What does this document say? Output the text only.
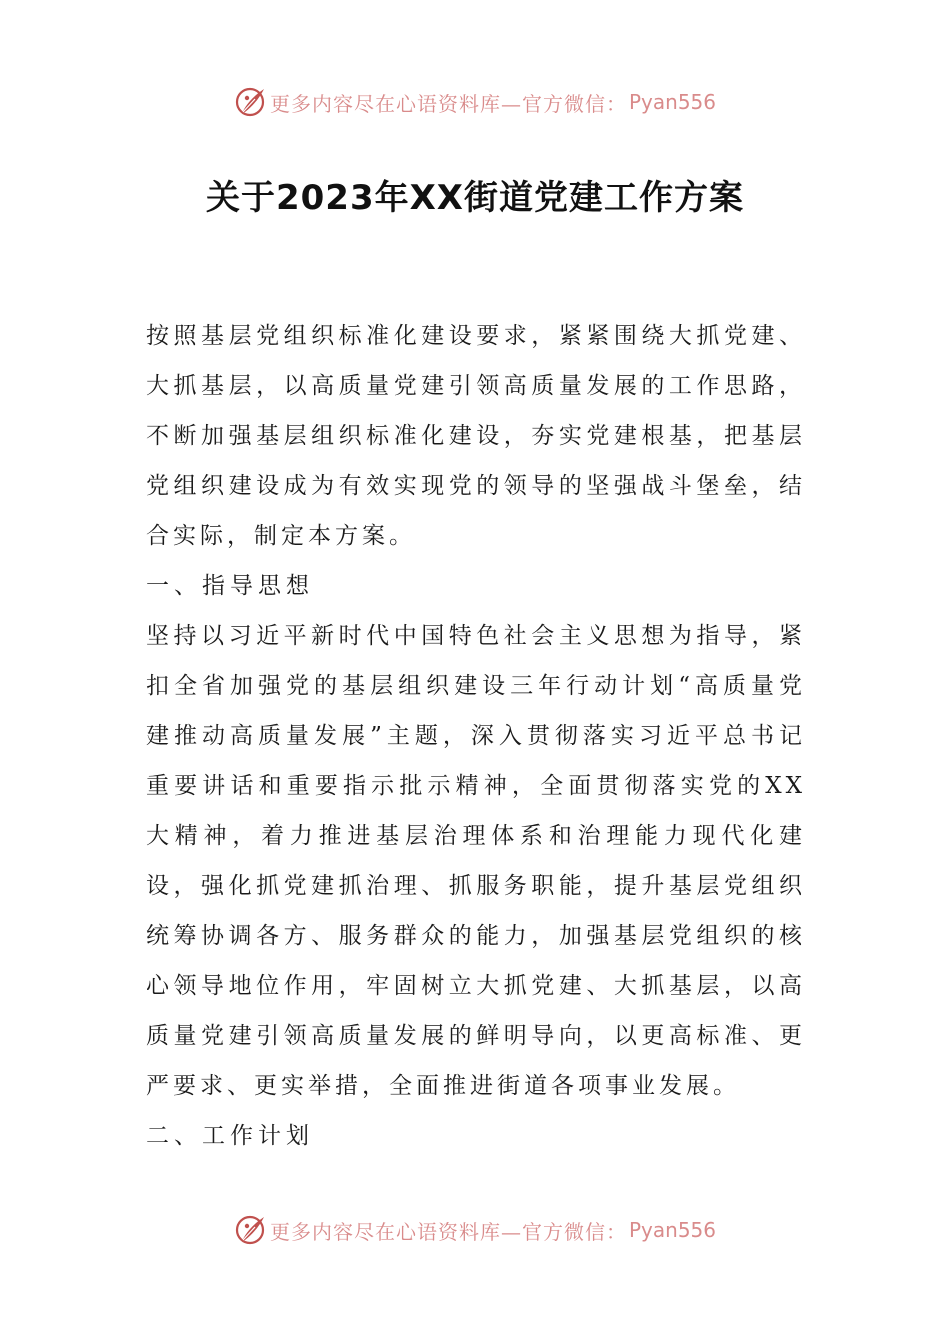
更多内容尽在心语资料库—官方微信： Pyan556
关于2023年XX街道党建工作方案

按照基层党组织标准化建设要求，紧紧围绕大抓党建、大抓基层，以高质量党建引领高质量发展的工作思路，不断加强基层组织标准化建设，夯实党建根基，把基层党组织建设成为有效实现党的领导的坚强战斗堡垒，结合实际，制定本方案。

一、指导思想

坚持以习近平新时代中国特色社会主义思想为指导，紧扣全省加强党的基层组织建设三年行动计划“高质量党建推动高质量发展”主题，深入贯彻落实习近平总书记重要讲话和重要指示批示精神，全面贯彻落实党的XX大精神，着力推进基层治理体系和治理能力现代化建设，强化抓党建抓治理、抓服务职能，提升基层党组织统筹协调各方、服务群众的能力，加强基层党组织的核心领导地位作用，牢固树立大抓党建、大抓基层，以高质量党建引领高质量发展的鲜明导向，以更高标准、更严要求、更实举措，全面推进街道各项事业发展。

二、工作计划

更多内容尽在心语资料库—官方微信： Pyan556
